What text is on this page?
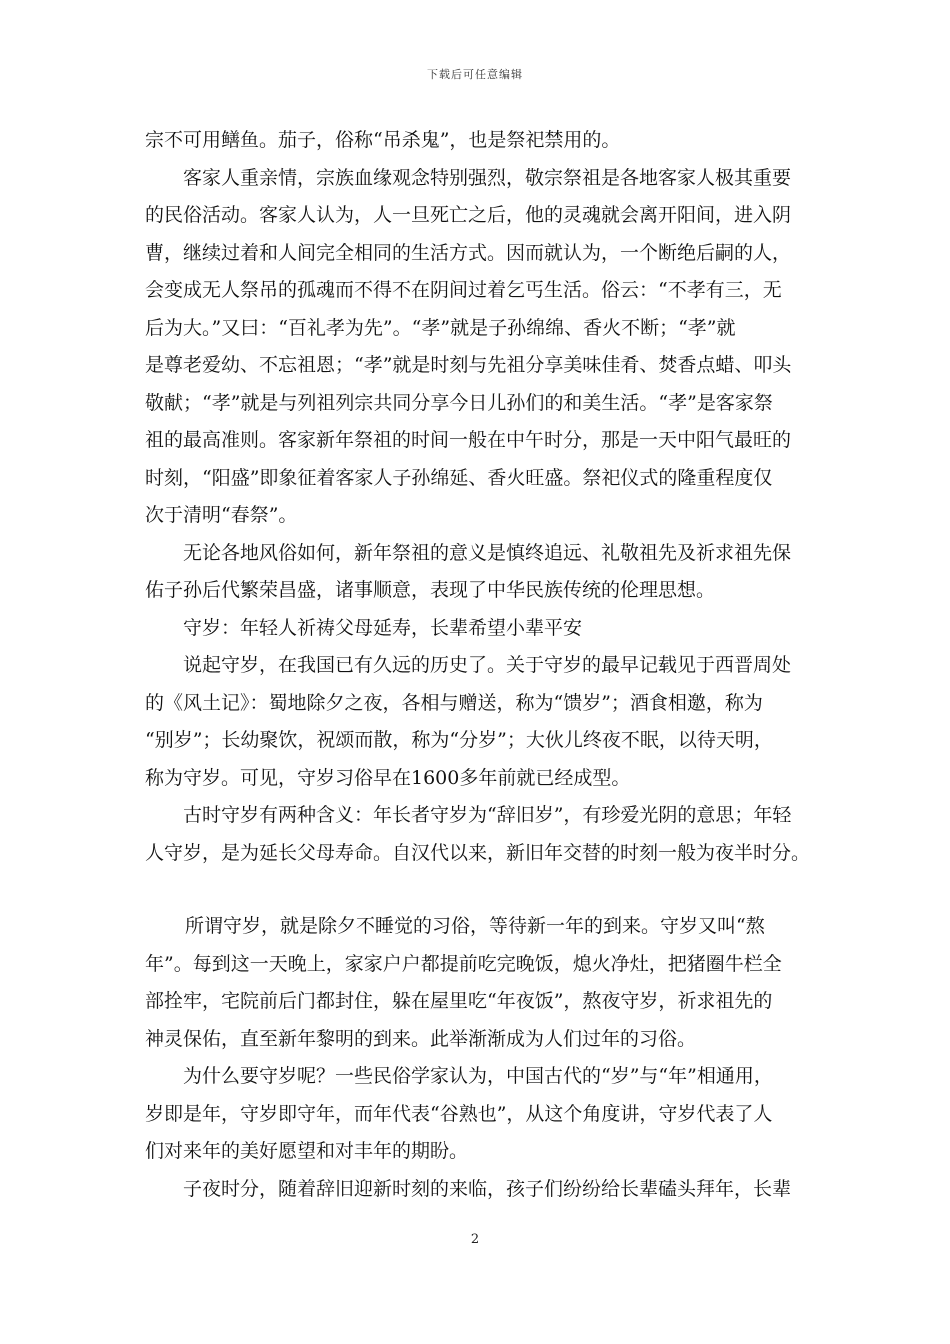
下载后可任意编辑
宗不可用鳝鱼。茄子，俗称“吊杀鬼”，也是祭祀禁用的。
客家人重亲情，宗族血缘观念特别强烈，敬宗祭祖是各地客家人极其重要
的民俗活动。客家人认为，人一旦死亡之后，他的灵魂就会离开阳间，进入阴
曹，继续过着和人间完全相同的生活方式。因而就认为，一个断绝后嗣的人，
会变成无人祭吊的孤魂而不得不在阴间过着乞丐生活。俗云：“不孝有三，无
后为大。”又曰：“百礼孝为先”。“孝”就是子孙绵绵、香火不断；“孝”就
是尊老爱幼、不忘祖恩；“孝”就是时刻与先祖分享美味佳肴、焚香点蜡、叩头
敬献；“孝”就是与列祖列宗共同分享今日儿孙们的和美生活。“孝”是客家祭
祖的最高准则。客家新年祭祖的时间一般在中午时分，那是一天中阳气最旺的
时刻，“阳盛”即象征着客家人子孙绵延、香火旺盛。祭祀仪式的隆重程度仅
次于清明“春祭”。
无论各地风俗如何，新年祭祖的意义是慎终追远、礼敬祖先及祈求祖先保
佑子孙后代繁荣昌盛，诸事顺意，表现了中华民族传统的伦理思想。
守岁：年轻人祈祷父母延寿，长辈希望小辈平安
说起守岁，在我国已有久远的历史了。关于守岁的最早记载见于西晋周处
的《风土记》：蜀地除夕之夜，各相与赠送，称为“馈岁”；酒食相邀，称为
“别岁”；长幼聚饮，祝颂而散，称为“分岁”；大伙儿终夜不眠，以待天明，
称为守岁。可见，守岁习俗早在1600多年前就已经成型。
古时守岁有两种含义：年长者守岁为“辞旧岁”，有珍爱光阴的意思；年轻
人守岁，是为延长父母寿命。自汉代以来，新旧年交替的时刻一般为夜半时分。
所谓守岁，就是除夕不睡觉的习俗，等待新一年的到来。守岁又叫“熬
年”。每到这一天晚上，家家户户都提前吃完晚饭，熄火净灶，把猪圈牛栏全
部拴牢，宅院前后门都封住，躲在屋里吃“年夜饭”，熬夜守岁，祈求祖先的
神灵保佑，直至新年黎明的到来。此举渐渐成为人们过年的习俗。
为什么要守岁呢？一些民俗学家认为，中国古代的“岁”与“年”相通用，
岁即是年，守岁即守年，而年代表“谷熟也”，从这个角度讲，守岁代表了人
们对来年的美好愿望和对丰年的期盼。
子夜时分，随着辞旧迎新时刻的来临，孩子们纷纷给长辈磕头拜年，长辈
2
